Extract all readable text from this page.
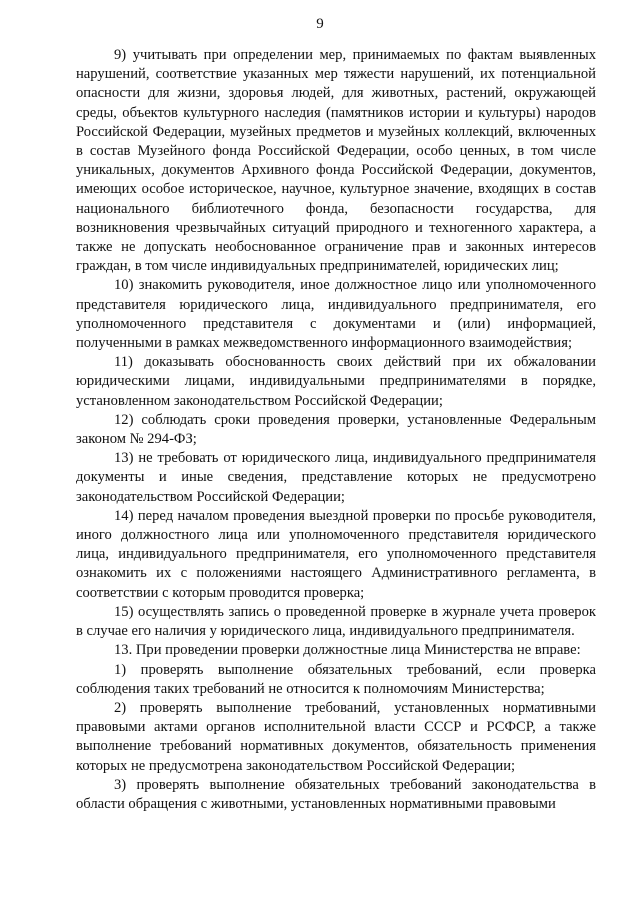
9

9) учитывать при определении мер, принимаемых по фактам выявленных нарушений, соответствие указанных мер тяжести нарушений, их потенциальной опасности для жизни, здоровья людей, для животных, растений, окружающей среды, объектов культурного наследия (памятников истории и культуры) народов Российской Федерации, музейных предметов и музейных коллекций, включенных в состав Музейного фонда Российской Федерации, особо ценных, в том числе уникальных, документов Архивного фонда Российской Федерации, документов, имеющих особое историческое, научное, культурное значение, входящих в состав национального библиотечного фонда, безопасности государства, для возникновения чрезвычайных ситуаций природного и техногенного характера, а также не допускать необоснованное ограничение прав и законных интересов граждан, в том числе индивидуальных предпринимателей, юридических лиц;

10) знакомить руководителя, иное должностное лицо или уполномоченного представителя юридического лица, индивидуального предпринимателя, его уполномоченного представителя с документами и (или) информацией, полученными в рамках межведомственного информационного взаимодействия;

11) доказывать обоснованность своих действий при их обжаловании юридическими лицами, индивидуальными предпринимателями в порядке, установленном законодательством Российской Федерации;

12) соблюдать сроки проведения проверки, установленные Федеральным законом № 294-ФЗ;

13) не требовать от юридического лица, индивидуального предпринимателя документы и иные сведения, представление которых не предусмотрено законодательством Российской Федерации;

14) перед началом проведения выездной проверки по просьбе руководителя, иного должностного лица или уполномоченного представителя юридического лица, индивидуального предпринимателя, его уполномоченного представителя ознакомить их с положениями настоящего Административного регламента, в соответствии с которым проводится проверка;

15) осуществлять запись о проведенной проверке в журнале учета проверок в случае его наличия у юридического лица, индивидуального предпринимателя.

13. При проведении проверки должностные лица Министерства не вправе:

1) проверять выполнение обязательных требований, если проверка соблюдения таких требований не относится к полномочиям Министерства;

2) проверять выполнение требований, установленных нормативными правовыми актами органов исполнительной власти СССР и РСФСР, а также выполнение требований нормативных документов, обязательность применения которых не предусмотрена законодательством Российской Федерации;

3) проверять выполнение обязательных требований законодательства в области обращения с животными, установленных нормативными правовыми
